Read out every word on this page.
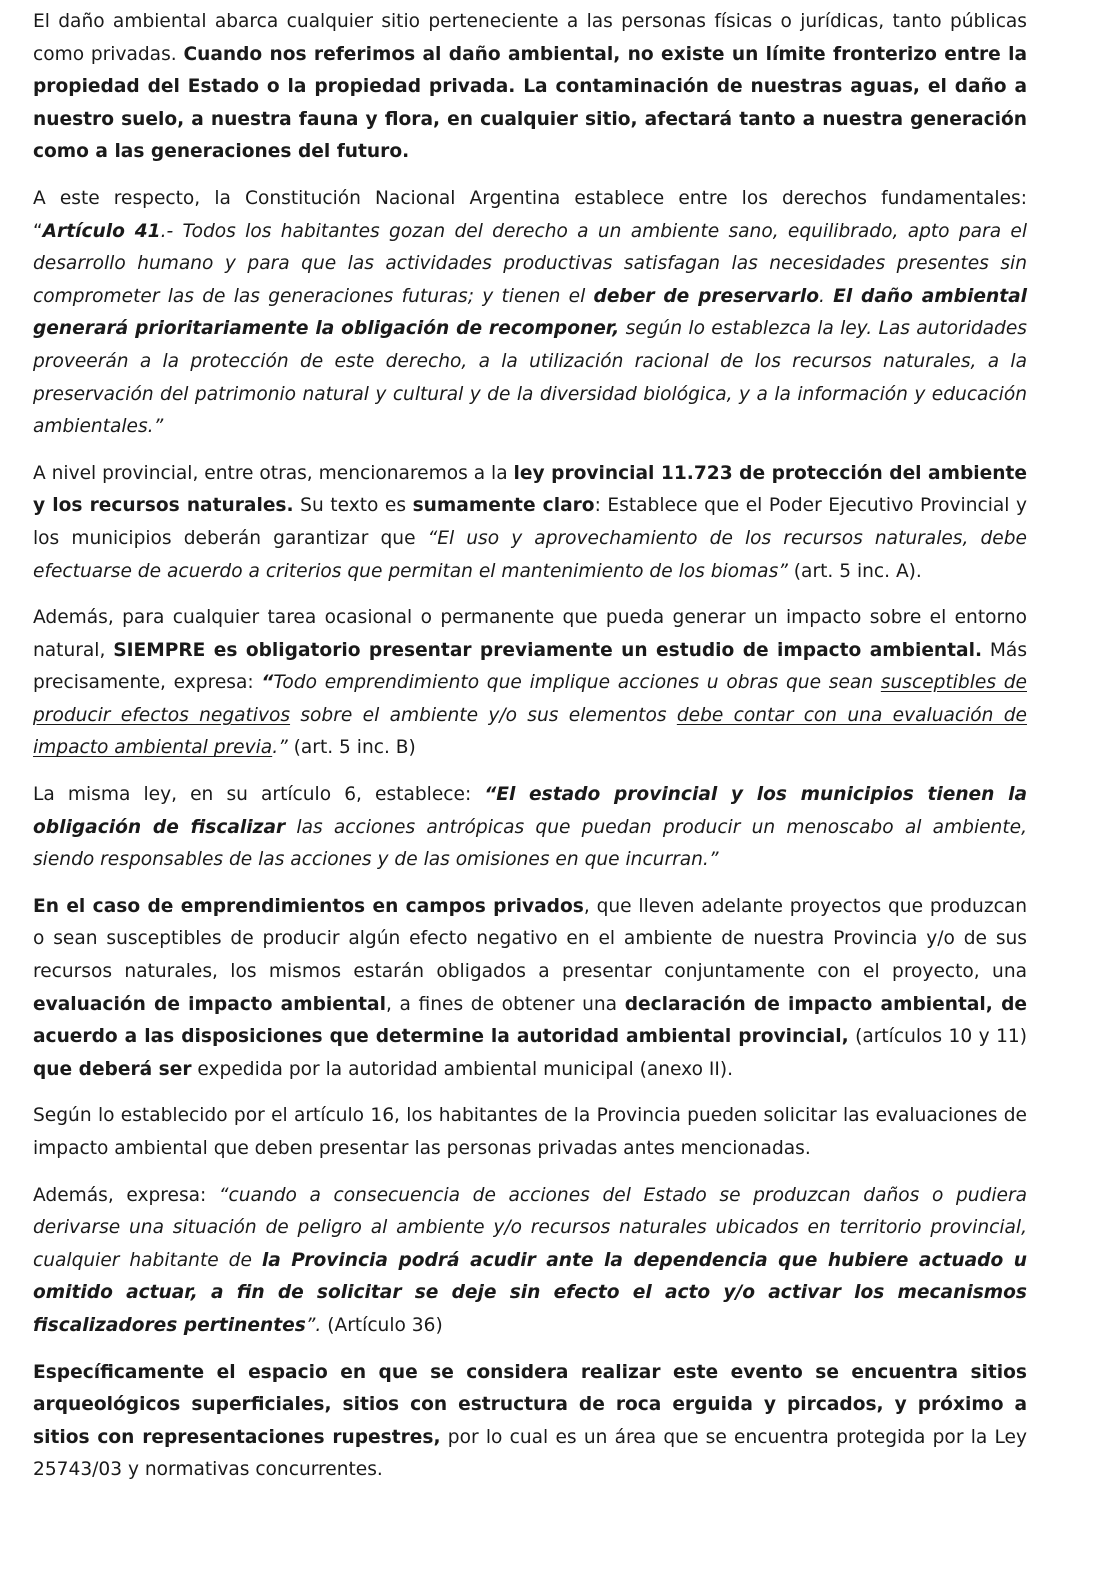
El daño ambiental abarca cualquier sitio perteneciente a las personas físicas o jurídicas, tanto públicas como privadas. Cuando nos referimos al daño ambiental, no existe un límite fronterizo entre la propiedad del Estado o la propiedad privada. La contaminación de nuestras aguas, el daño a nuestro suelo, a nuestra fauna y flora, en cualquier sitio, afectará tanto a nuestra generación como a las generaciones del futuro.

A este respecto, la Constitución Nacional Argentina establece entre los derechos fundamentales: “Artículo 41.- Todos los habitantes gozan del derecho a un ambiente sano, equilibrado, apto para el desarrollo humano y para que las actividades productivas satisfagan las necesidades presentes sin comprometer las de las generaciones futuras; y tienen el deber de preservarlo. El daño ambiental generará prioritariamente la obligación de recomponer, según lo establezca la ley. Las autoridades proveerán a la protección de este derecho, a la utilización racional de los recursos naturales, a la preservación del patrimonio natural y cultural y de la diversidad biológica, y a la información y educación ambientales.”

A nivel provincial, entre otras, mencionaremos a la ley provincial 11.723 de protección del ambiente y los recursos naturales. Su texto es sumamente claro: Establece que el Poder Ejecutivo Provincial y los municipios deberán garantizar que “El uso y aprovechamiento de los recursos naturales, debe efectuarse de acuerdo a criterios que permitan el mantenimiento de los biomas” (art. 5 inc. A).

Además, para cualquier tarea ocasional o permanente que pueda generar un impacto sobre el entorno natural, SIEMPRE es obligatorio presentar previamente un estudio de impacto ambiental. Más precisamente, expresa: “Todo emprendimiento que implique acciones u obras que sean susceptibles de producir efectos negativos sobre el ambiente y/o sus elementos debe contar con una evaluación de impacto ambiental previa.” (art. 5 inc. B)

La misma ley, en su artículo 6, establece: “El estado provincial y los municipios tienen la obligación de fiscalizar las acciones antrópicas que puedan producir un menoscabo al ambiente, siendo responsables de las acciones y de las omisiones en que incurran.”

En el caso de emprendimientos en campos privados, que lleven adelante proyectos que produzcan o sean susceptibles de producir algún efecto negativo en el ambiente de nuestra Provincia y/o de sus recursos naturales, los mismos estarán obligados a presentar conjuntamente con el proyecto, una evaluación de impacto ambiental, a fines de obtener una declaración de impacto ambiental, de acuerdo a las disposiciones que determine la autoridad ambiental provincial, (artículos 10 y 11) que deberá ser expedida por la autoridad ambiental municipal (anexo II).

Según lo establecido por el artículo 16, los habitantes de la Provincia pueden solicitar las evaluaciones de impacto ambiental que deben presentar las personas privadas antes mencionadas.

Además, expresa: “cuando a consecuencia de acciones del Estado se produzcan daños o pudiera derivarse una situación de peligro al ambiente y/o recursos naturales ubicados en territorio provincial, cualquier habitante de la Provincia podrá acudir ante la dependencia que hubiere actuado u omitido actuar, a fin de solicitar se deje sin efecto el acto y/o activar los mecanismos fiscalizadores pertinentes”. (Artículo 36)

Específicamente el espacio en que se considera realizar este evento se encuentra sitios arqueológicos superficiales, sitios con estructura de roca erguida y pircados, y próximo a sitios con representaciones rupestres, por lo cual es un área que se encuentra protegida por la Ley 25743/03 y normativas concurrentes.
